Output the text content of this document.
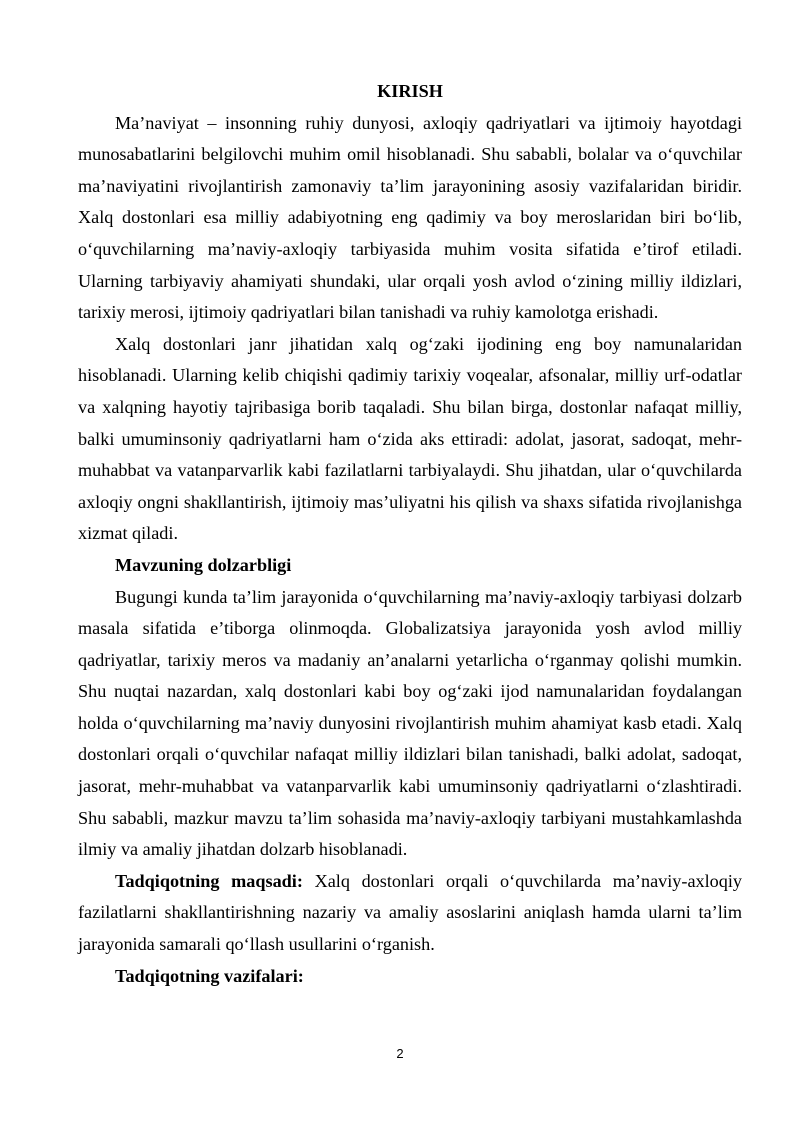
KIRISH

Ma’naviyat – insonning ruhiy dunyosi, axloqiy qadriyatlari va ijtimoiy hayotdagi munosabatlarini belgilovchi muhim omil hisoblanadi. Shu sababli, bolalar va o‘quvchilar ma’naviyatini rivojlantirish zamonaviy ta’lim jarayonining asosiy vazifalaridan biridir. Xalq dostonlari esa milliy adabiyotning eng qadimiy va boy meroslaridan biri bo‘lib, o‘quvchilarning ma’naviy-axloqiy tarbiyasida muhim vosita sifatida e’tirof etiladi. Ularning tarbiyaviy ahamiyati shundaki, ular orqali yosh avlod o‘zining milliy ildizlari, tarixiy merosi, ijtimoiy qadriyatlari bilan tanishadi va ruhiy kamolotga erishadi.

Xalq dostonlari janr jihatidan xalq og‘zaki ijodining eng boy namunalaridan hisoblanadi. Ularning kelib chiqishi qadimiy tarixiy voqealar, afsonalar, milliy urf-odatlar va xalqning hayotiy tajribasiga borib taqaladi. Shu bilan birga, dostonlar nafaqat milliy, balki umuminsoniy qadriyatlarni ham o‘zida aks ettiradi: adolat, jasorat, sadoqat, mehr-muhabbat va vatanparvarlik kabi fazilatlarni tarbiyalaydi. Shu jihatdan, ular o‘quvchilarda axloqiy ongni shakllantirish, ijtimoiy mas’uliyatni his qilish va shaxs sifatida rivojlanishga xizmat qiladi.

Mavzuning dolzarbligi

Bugungi kunda ta’lim jarayonida o‘quvchilarning ma’naviy-axloqiy tarbiyasi dolzarb masala sifatida e’tiborga olinmoqda. Globalizatsiya jarayonida yosh avlod milliy qadriyatlar, tarixiy meros va madaniy an’analarni yetarlicha o‘rganmay qolishi mumkin. Shu nuqtai nazardan, xalq dostonlari kabi boy og‘zaki ijod namunalaridan foydalangan holda o‘quvchilarning ma’naviy dunyosini rivojlantirish muhim ahamiyat kasb etadi. Xalq dostonlari orqali o‘quvchilar nafaqat milliy ildizlari bilan tanishadi, balki adolat, sadoqat, jasorat, mehr-muhabbat va vatanparvarlik kabi umuminsoniy qadriyatlarni o‘zlashtiradi. Shu sababli, mazkur mavzu ta’lim sohasida ma’naviy-axloqiy tarbiyani mustahkamlashda ilmiy va amaliy jihatdan dolzarb hisoblanadi.

Tadqiqotning maqsadi: Xalq dostonlari orqali o‘quvchilarda ma’naviy-axloqiy fazilatlarni shakllantirishning nazariy va amaliy asoslarini aniqlash hamda ularni ta’lim jarayonida samarali qo‘llash usullarini o‘rganish.

Tadqiqotning vazifalari:

2
